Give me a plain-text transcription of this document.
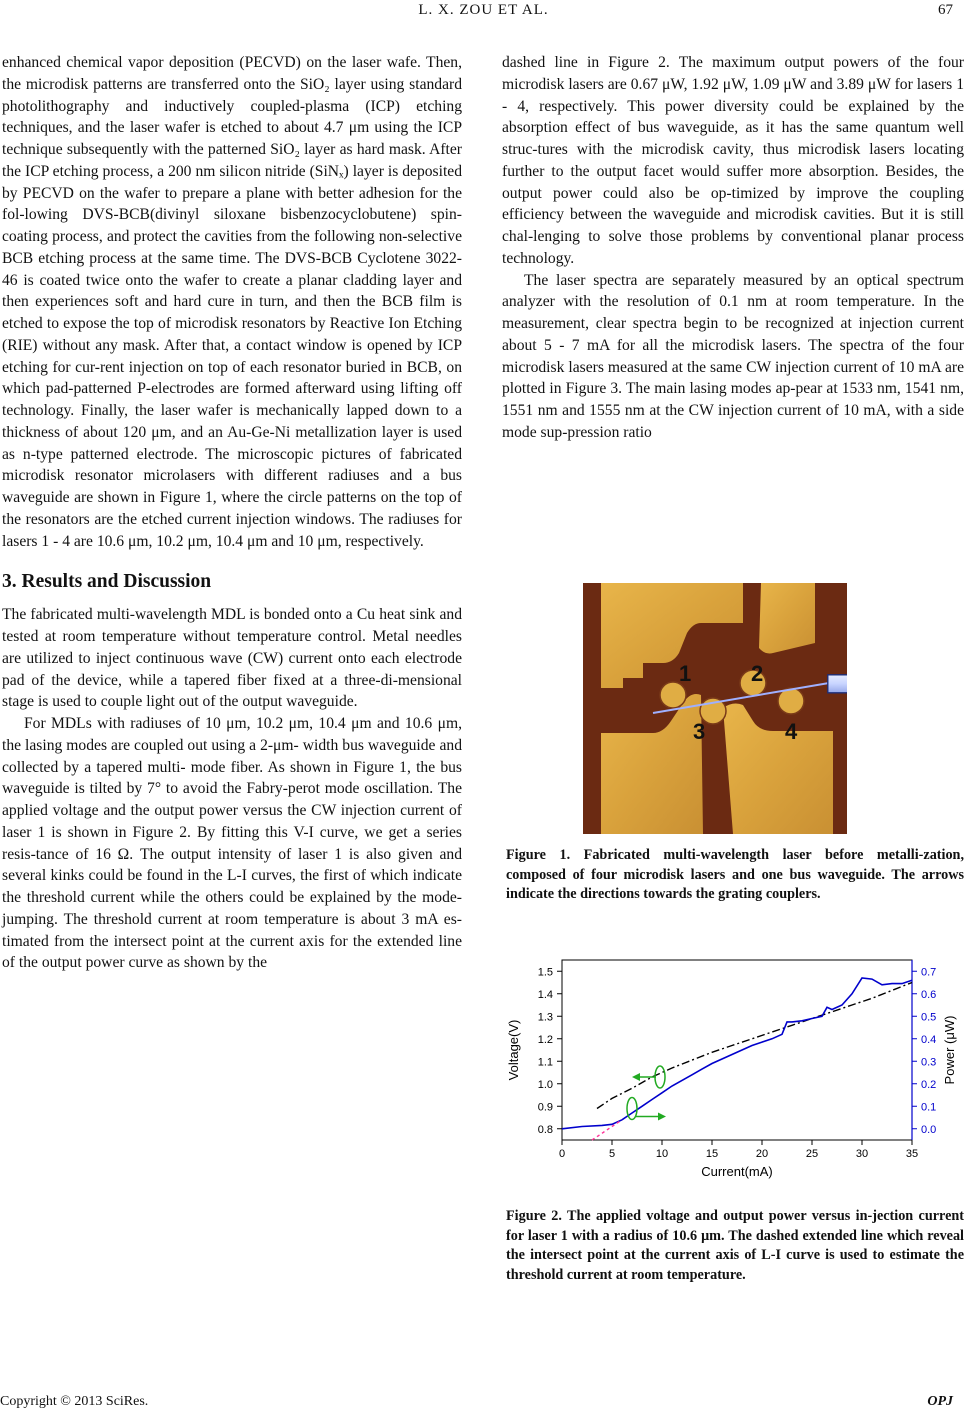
L. X. ZOU ET AL.	67

enhanced chemical vapor deposition (PECVD) on the laser wafe. Then, the microdisk patterns are transferred onto the SiO₂ layer using standard photolithography and inductively coupled-plasma (ICP) etching techniques, and the laser wafer is etched to about 4.7 μm using the ICP technique subsequently with the patterned SiO₂ layer as hard mask. After the ICP etching process, a 200 nm silicon nitride (SiNₓ) layer is deposited by PECVD on the wafer to prepare a plane with better adhesion for the fol-lowing DVS-BCB(divinyl siloxane bisbenzocyclobutene) spin-coating process, and protect the cavities from the following non-selective BCB etching process at the same time. The DVS-BCB Cyclotene 3022-46 is coated twice onto the wafer to create a planar cladding layer and then experiences soft and hard cure in turn, and then the BCB film is etched to expose the top of microdisk resonators by Reactive Ion Etching (RIE) without any mask. After that, a contact window is opened by ICP etching for cur-rent injection on top of each resonator buried in BCB, on which pad-patterned P-electrodes are formed afterward using lifting off technology. Finally, the laser wafer is mechanically lapped down to a thickness of about 120 μm, and an Au-Ge-Ni metallization layer is used as n-type patterned electrode. The microscopic pictures of fabricated microdisk resonator microlasers with different radiuses and a bus waveguide are shown in Figure 1, where the circle patterns on the top of the resonators are the etched current injection windows. The radiuses for lasers 1 - 4 are 10.6 μm, 10.2 μm, 10.4 μm and 10 μm, respectively.

3. Results and Discussion

The fabricated multi-wavelength MDL is bonded onto a Cu heat sink and tested at room temperature without temperature control. Metal needles are utilized to inject continuous wave (CW) current onto each electrode pad of the device, while a tapered fiber fixed at a three-di-mensional stage is used to couple light out of the output waveguide.

For MDLs with radiuses of 10 μm, 10.2 μm, 10.4 μm and 10.6 μm, the lasing modes are coupled out using a 2-μm- width bus waveguide and collected by a tapered multi- mode fiber. As shown in Figure 1, the bus waveguide is tilted by 7° to avoid the Fabry-perot mode oscillation. The applied voltage and the output power versus the CW injection current of laser 1 is shown in Figure 2. By fitting this V-I curve, we get a series resis-tance of 16 Ω. The output intensity of laser 1 is also given and several kinks could be found in the L-I curves, the first of which indicate the threshold current while the others could be explained by the mode-jumping. The threshold current at room temperature is about 3 mA es-timated from the intersect point at the current axis for the extended line of the output power curve as shown by the

dashed line in Figure 2. The maximum output powers of the four microdisk lasers are 0.67 μW, 1.92 μW, 1.09 μW and 3.89 μW for lasers 1 - 4, respectively. This power diversity could be explained by the absorption effect of bus waveguide, as it has the same quantum well struc-tures with the microdisk cavity, thus microdisk lasers locating further to the output facet would suffer more absorption. Besides, the output power could also be op-timized by improve the coupling efficiency between the waveguide and microdisk cavities. But it is still chal-lenging to solve those problems by conventional planar process technology.

The laser spectra are separately measured by an optical spectrum analyzer with the resolution of 0.1 nm at room temperature. In the measurement, clear spectra begin to be recognized at injection current about 5 - 7 mA for all the microdisk lasers. The spectra of the four microdisk lasers measured at the same CW injection current of 10 mA are plotted in Figure 3. The main lasing modes ap-pear at 1533 nm, 1541 nm, 1551 nm and 1555 nm at the CW injection current of 10 mA, with a side mode sup-pression ratio

1	2
3	4
Figure 1. Fabricated multi-wavelength laser before metalli-zation, composed of four microdisk lasers and one bus waveguide. The arrows indicate the directions towards the grating couplers.
0	5	10	15	20	25	30	35
0.8
0.9
1.0
1.1
1.2
1.3
1.4
1.5
0.0
0.1
0.2
0.3
0.4
0.5
0.6
0.7
Current(mA)
Voltage(V)	Power (μW)
Figure 2. The applied voltage and output power versus in-jection current for laser 1 with a radius of 10.6 μm. The dashed extended line which reveal the intersect point at the current axis of L-I curve is used to estimate the threshold current at room temperature.
Copyright © 2013 SciRes.	OPJ
